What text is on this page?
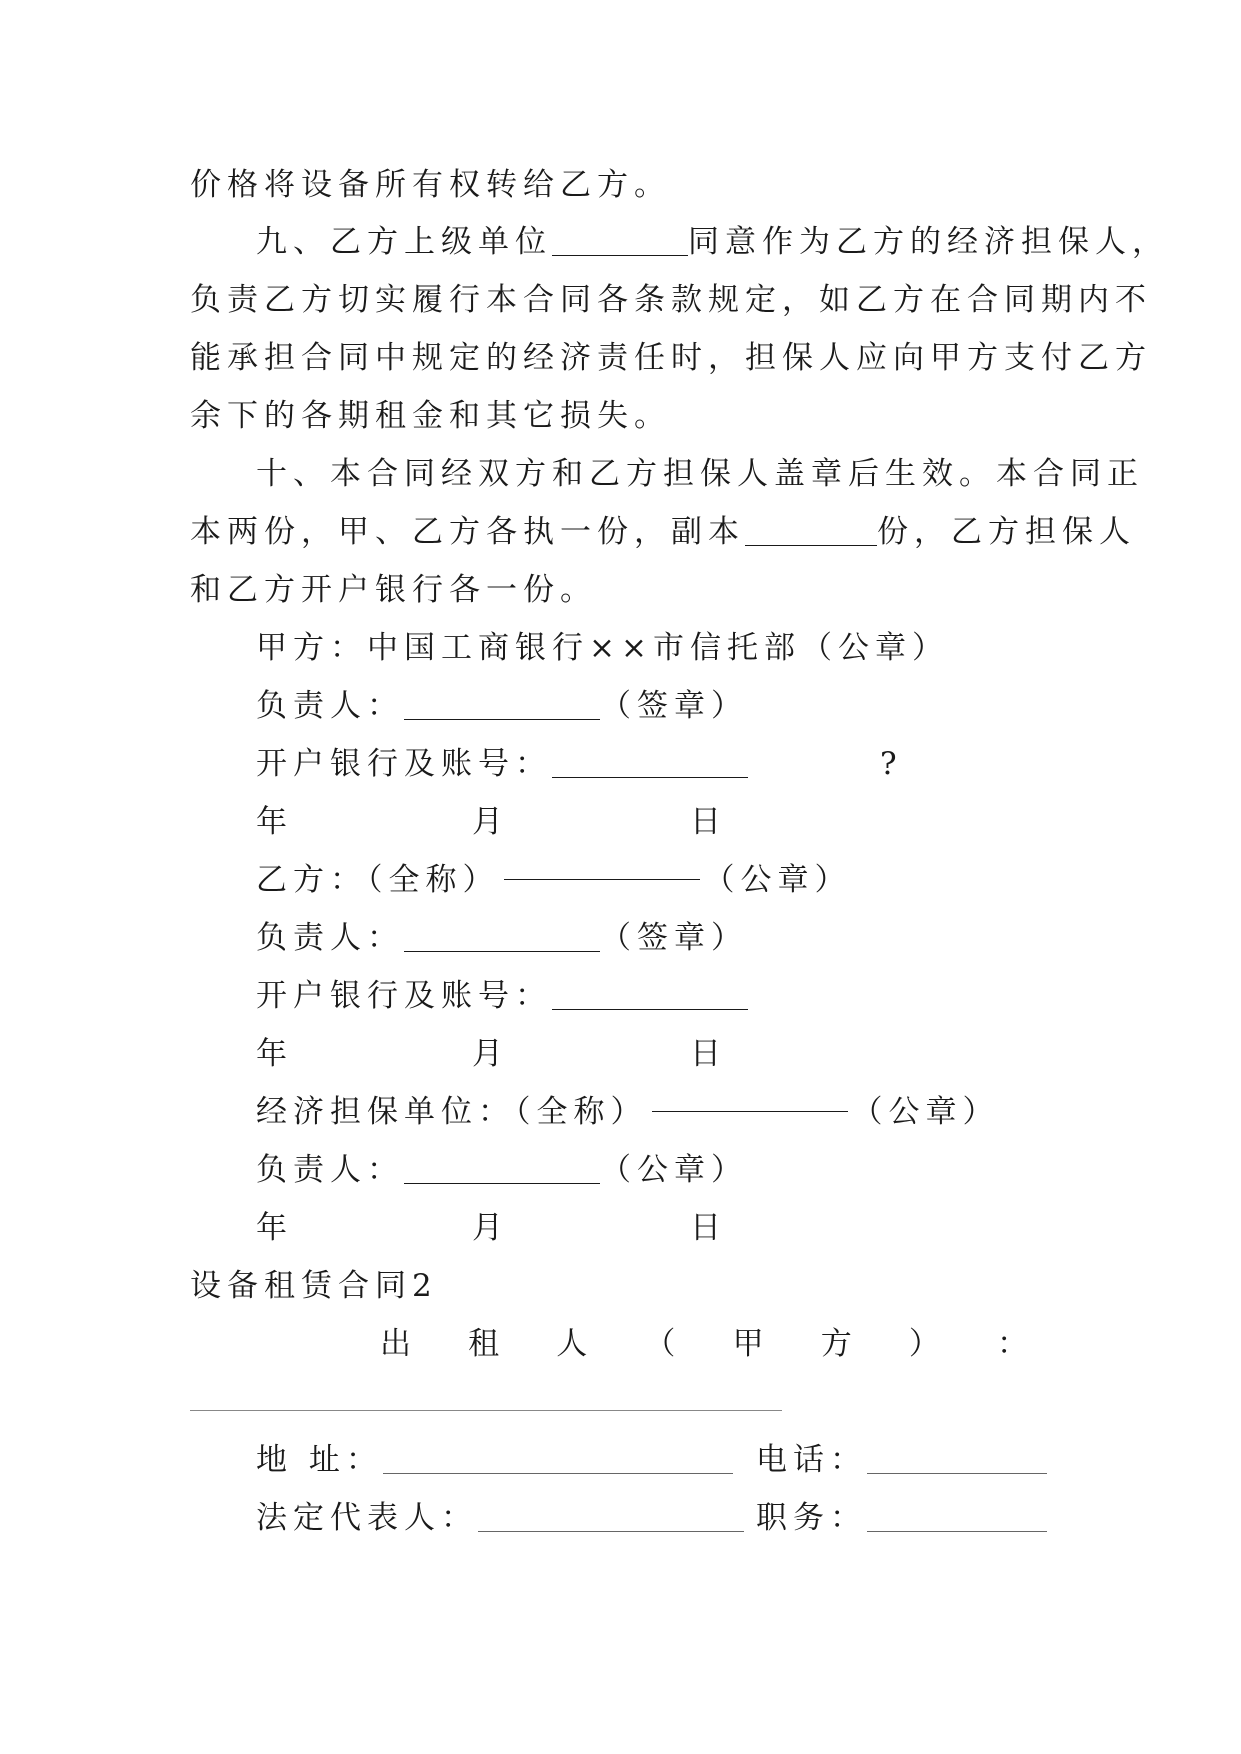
价格将设备所有权转给乙方。
九、乙方上级单位	同意作为乙方的经济担保人，
负责乙方切实履行本合同各条款规定，如乙方在合同期内不
能承担合同中规定的经济责任时，担保人应向甲方支付乙方
余下的各期租金和其它损失。
十、本合同经双方和乙方担保人盖章后生效。本合同正
本两份，甲、乙方各执一份，副本	份，乙方担保人
和乙方开户银行各一份。
甲方：中国工商银行××市信托部（公章）
负责人：	（签章）
开户银行及账号：	?
年	月	日
乙方：（全称）	（公章）
负责人：	（签章）
开户银行及账号：
年	月	日
经济担保单位：（全称）	（公章）
负责人：	（公章）
年	月	日
设备租赁合同2
出 租 人 （ 甲 方 ） ：
地 址：	电话：
法定代表人：	职务：
